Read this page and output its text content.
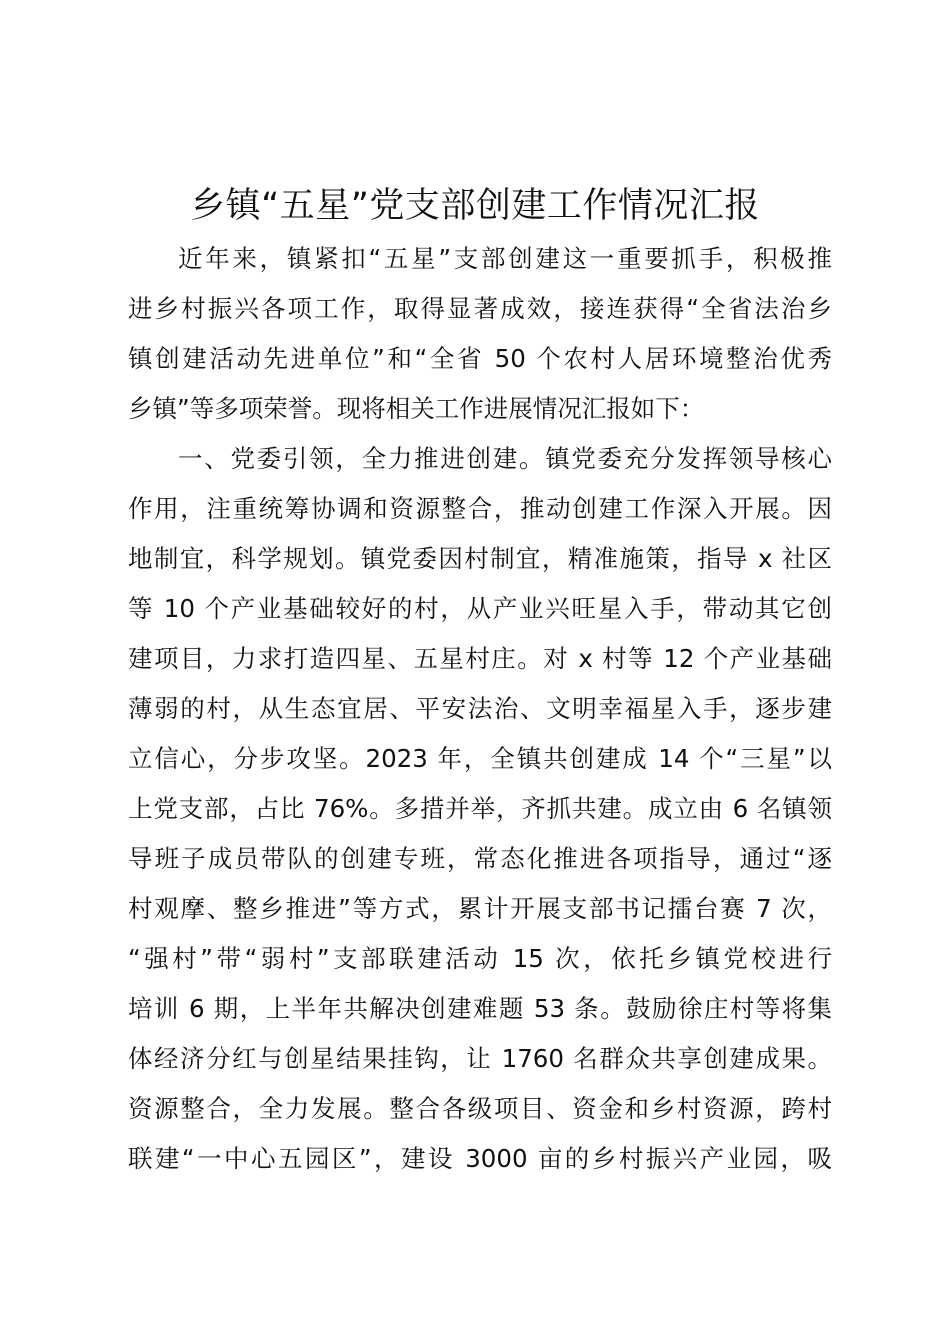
乡镇“五星”党支部创建工作情况汇报
近年来，镇紧扣“五星”支部创建这一重要抓手，积极推
进乡村振兴各项工作，取得显著成效，接连获得“全省法治乡
镇创建活动先进单位”和“全省 50 个农村人居环境整治优秀
乡镇”等多项荣誉。现将相关工作进展情况汇报如下：
一、党委引领，全力推进创建。镇党委充分发挥领导核心
作用，注重统筹协调和资源整合，推动创建工作深入开展。因
地制宜，科学规划。镇党委因村制宜，精准施策，指导 x 社区
等 10 个产业基础较好的村，从产业兴旺星入手，带动其它创
建项目，力求打造四星、五星村庄。对 x 村等 12 个产业基础
薄弱的村，从生态宜居、平安法治、文明幸福星入手，逐步建
立信心，分步攻坚。2023 年，全镇共创建成 14 个“三星”以
上党支部，占比 76%。多措并举，齐抓共建。成立由 6 名镇领
导班子成员带队的创建专班，常态化推进各项指导，通过“逐
村观摩、整乡推进”等方式，累计开展支部书记擂台赛 7 次，
“强村”带“弱村”支部联建活动 15 次，依托乡镇党校进行
培训 6 期，上半年共解决创建难题 53 条。鼓励徐庄村等将集
体经济分红与创星结果挂钩，让 1760 名群众共享创建成果。
资源整合，全力发展。整合各级项目、资金和乡村资源，跨村
联建“一中心五园区”，建设 3000 亩的乡村振兴产业园，吸
